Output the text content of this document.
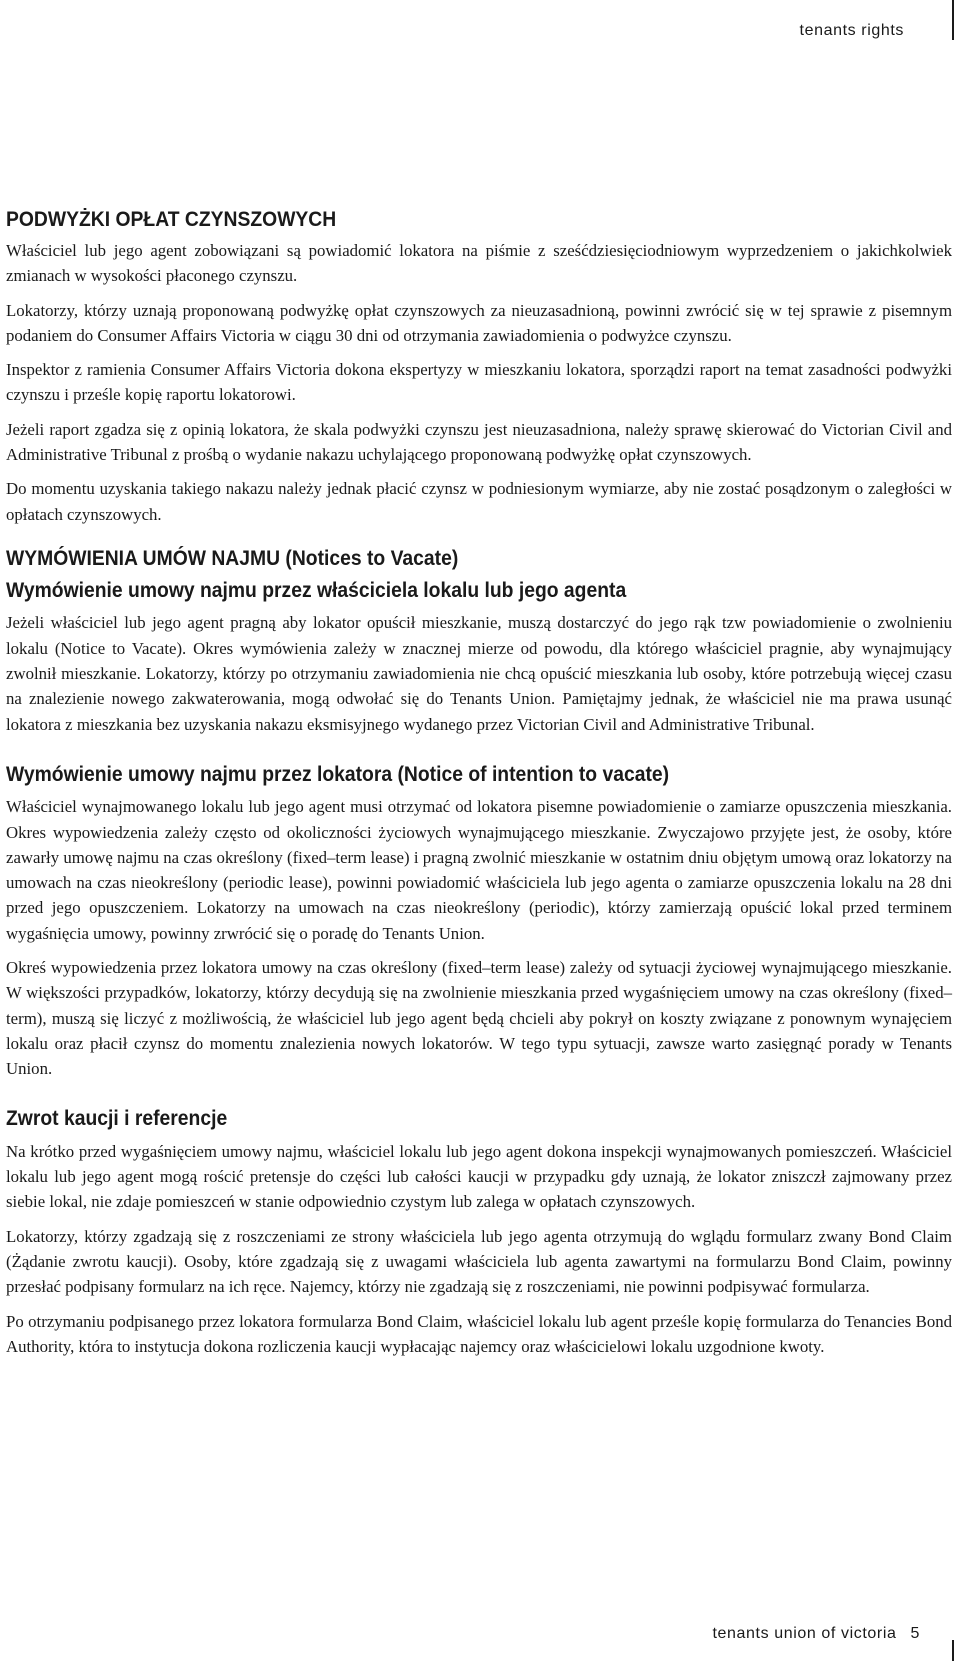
tenants rights
PODWYŻKI OPŁAT CZYNSZOWYCH

Właściciel lub jego agent zobowiązani są powiadomić lokatora na piśmie z sześćdziesięciodniowym wyprzedzeniem o jakichkolwiek zmianach w wysokości płaconego czynszu.

Lokatorzy, którzy uznają proponowaną podwyżkę opłat czynszowych za nieuzasadnioną, powinni zwrócić się w tej sprawie z pisemnym podaniem do Consumer Affairs Victoria w ciągu 30 dni od otrzymania zawiadomienia o podwyżce czynszu.

Inspektor z ramienia Consumer Affairs Victoria dokona ekspertyzy w mieszkaniu lokatora, sporządzi raport na temat zasadności podwyżki czynszu i prześle kopię raportu lokatorowi.

Jeżeli raport zgadza się z opinią lokatora, że skala podwyżki czynszu jest nieuzasadniona, należy sprawę skierować do Victorian Civil and Administrative Tribunal z prośbą o wydanie nakazu uchylającego proponowaną podwyżkę opłat czynszowych.

Do momentu uzyskania takiego nakazu należy jednak płacić czynsz w podniesionym wymiarze, aby nie zostać posądzonym o zaległości w opłatach czynszowych.

WYMÓWIENIA UMÓW NAJMU (Notices to Vacate)
Wymówienie umowy najmu przez właściciela lokalu lub jego agenta

Jeżeli właściciel lub jego agent pragną aby lokator opuścił mieszkanie, muszą dostarczyć do jego rąk tzw powiadomienie o zwolnieniu lokalu (Notice to Vacate). Okres wymówienia zależy w znacznej mierze od powodu, dla którego właściciel pragnie, aby wynajmujący zwolnił mieszkanie. Lokatorzy, którzy po otrzymaniu zawiadomienia nie chcą opuścić mieszkania lub osoby, które potrzebują więcej czasu na znalezienie nowego zakwaterowania, mogą odwołać się do Tenants Union. Pamiętajmy jednak, że właściciel nie ma prawa usunąć lokatora z mieszkania bez uzyskania nakazu eksmisyjnego wydanego przez Victorian Civil and Administrative Tribunal.

Wymówienie umowy najmu przez lokatora (Notice of intention to vacate)

Właściciel wynajmowanego lokalu lub jego agent musi otrzymać od lokatora pisemne powiadomienie o zamiarze opuszczenia mieszkania. Okres wypowiedzenia zależy często od okoliczności życiowych wynajmującego mieszkanie. Zwyczajowo przyjęte jest, że osoby, które zawarły umowę najmu na czas określony (fixed–term lease) i pragną zwolnić mieszkanie w ostatnim dniu objętym umową oraz lokatorzy na umowach na czas nieokreślony (periodic lease), powinni powiadomić właściciela lub jego agenta o zamiarze opuszczenia lokalu na 28 dni przed jego opuszczeniem. Lokatorzy na umowach na czas nieokreślony (periodic), którzy zamierzają opuścić lokal przed terminem wygaśnięcia umowy, powinny zrwrócić się o poradę do Tenants Union.

Okreś wypowiedzenia przez lokatora umowy na czas określony (fixed–term lease) zależy od sytuacji życiowej wynajmującego mieszkanie. W większości przypadków, lokatorzy, którzy decydują się na zwolnienie mieszkania przed wygaśnięciem umowy na czas określony (fixed–term), muszą się liczyć z możliwością, że właściciel lub jego agent będą chcieli aby pokrył on koszty związane z ponownym wynajęciem lokalu oraz płacił czynsz do momentu znalezienia nowych lokatorów. W tego typu sytuacji, zawsze warto zasięgnąć porady w Tenants Union.

Zwrot kaucji i referencje

Na krótko przed wygaśnięciem umowy najmu, właściciel lokalu lub jego agent dokona inspekcji wynajmowanych pomieszczeń. Właściciel lokalu lub jego agent mogą rościć pretensje do części lub całości kaucji w przypadku gdy uznają, że lokator zniszczł zajmowany przez siebie lokal, nie zdaje pomieszceń w stanie odpowiednio czystym lub zalega w opłatach czynszowych.

Lokatorzy, którzy zgadzają się z roszczeniami ze strony właściciela lub jego agenta otrzymują do wglądu formularz zwany Bond Claim (Żądanie zwrotu kaucji). Osoby, które zgadzają się z uwagami właściciela lub agenta zawartymi na formularzu Bond Claim, powinny przesłać podpisany formularz na ich ręce. Najemcy, którzy nie zgadzają się z roszczeniami, nie powinni podpisywać formularza.

Po otrzymaniu podpisanego przez lokatora formularza Bond Claim, właściciel lokalu lub agent prześle kopię formularza do Tenancies Bond Authority, która to instytucja dokona rozliczenia kaucji wypłacając najemcy oraz właścicielowi lokalu uzgodnione kwoty.

tenants union of victoria 5
